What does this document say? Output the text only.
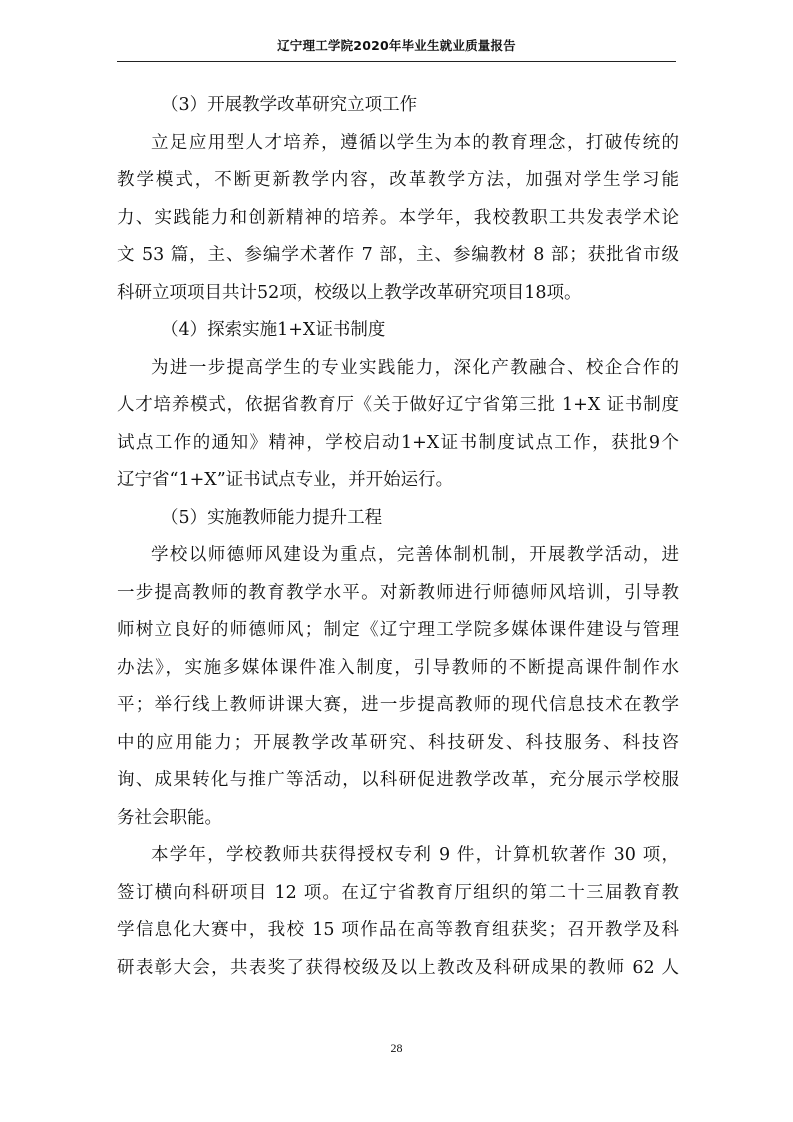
辽宁理工学院2020年毕业生就业质量报告
（3）开展教学改革研究立项工作
立足应用型人才培养，遵循以学生为本的教育理念，打破传统的
教学模式，不断更新教学内容，改革教学方法，加强对学生学习能
力、实践能力和创新精神的培养。本学年，我校教职工共发表学术论
文 53 篇，主、参编学术著作 7 部，主、参编教材 8 部；获批省市级
科研立项项目共计52项，校级以上教学改革研究项目18项。
（4）探索实施1+X证书制度
为进一步提高学生的专业实践能力，深化产教融合、校企合作的
人才培养模式，依据省教育厅《关于做好辽宁省第三批 1+X 证书制度
试点工作的通知》精神，学校启动1+X证书制度试点工作，获批9个
辽宁省“1+X”证书试点专业，并开始运行。
（5）实施教师能力提升工程
学校以师德师风建设为重点，完善体制机制，开展教学活动，进
一步提高教师的教育教学水平。对新教师进行师德师风培训，引导教
师树立良好的师德师风；制定《辽宁理工学院多媒体课件建设与管理
办法》，实施多媒体课件准入制度，引导教师的不断提高课件制作水
平；举行线上教师讲课大赛，进一步提高教师的现代信息技术在教学
中的应用能力；开展教学改革研究、科技研发、科技服务、科技咨
询、成果转化与推广等活动，以科研促进教学改革，充分展示学校服
务社会职能。
本学年，学校教师共获得授权专利 9 件，计算机软著作 30 项，
签订横向科研项目 12 项。在辽宁省教育厅组织的第二十三届教育教
学信息化大赛中，我校 15 项作品在高等教育组获奖；召开教学及科
研表彰大会，共表奖了获得校级及以上教改及科研成果的教师 62 人
28
